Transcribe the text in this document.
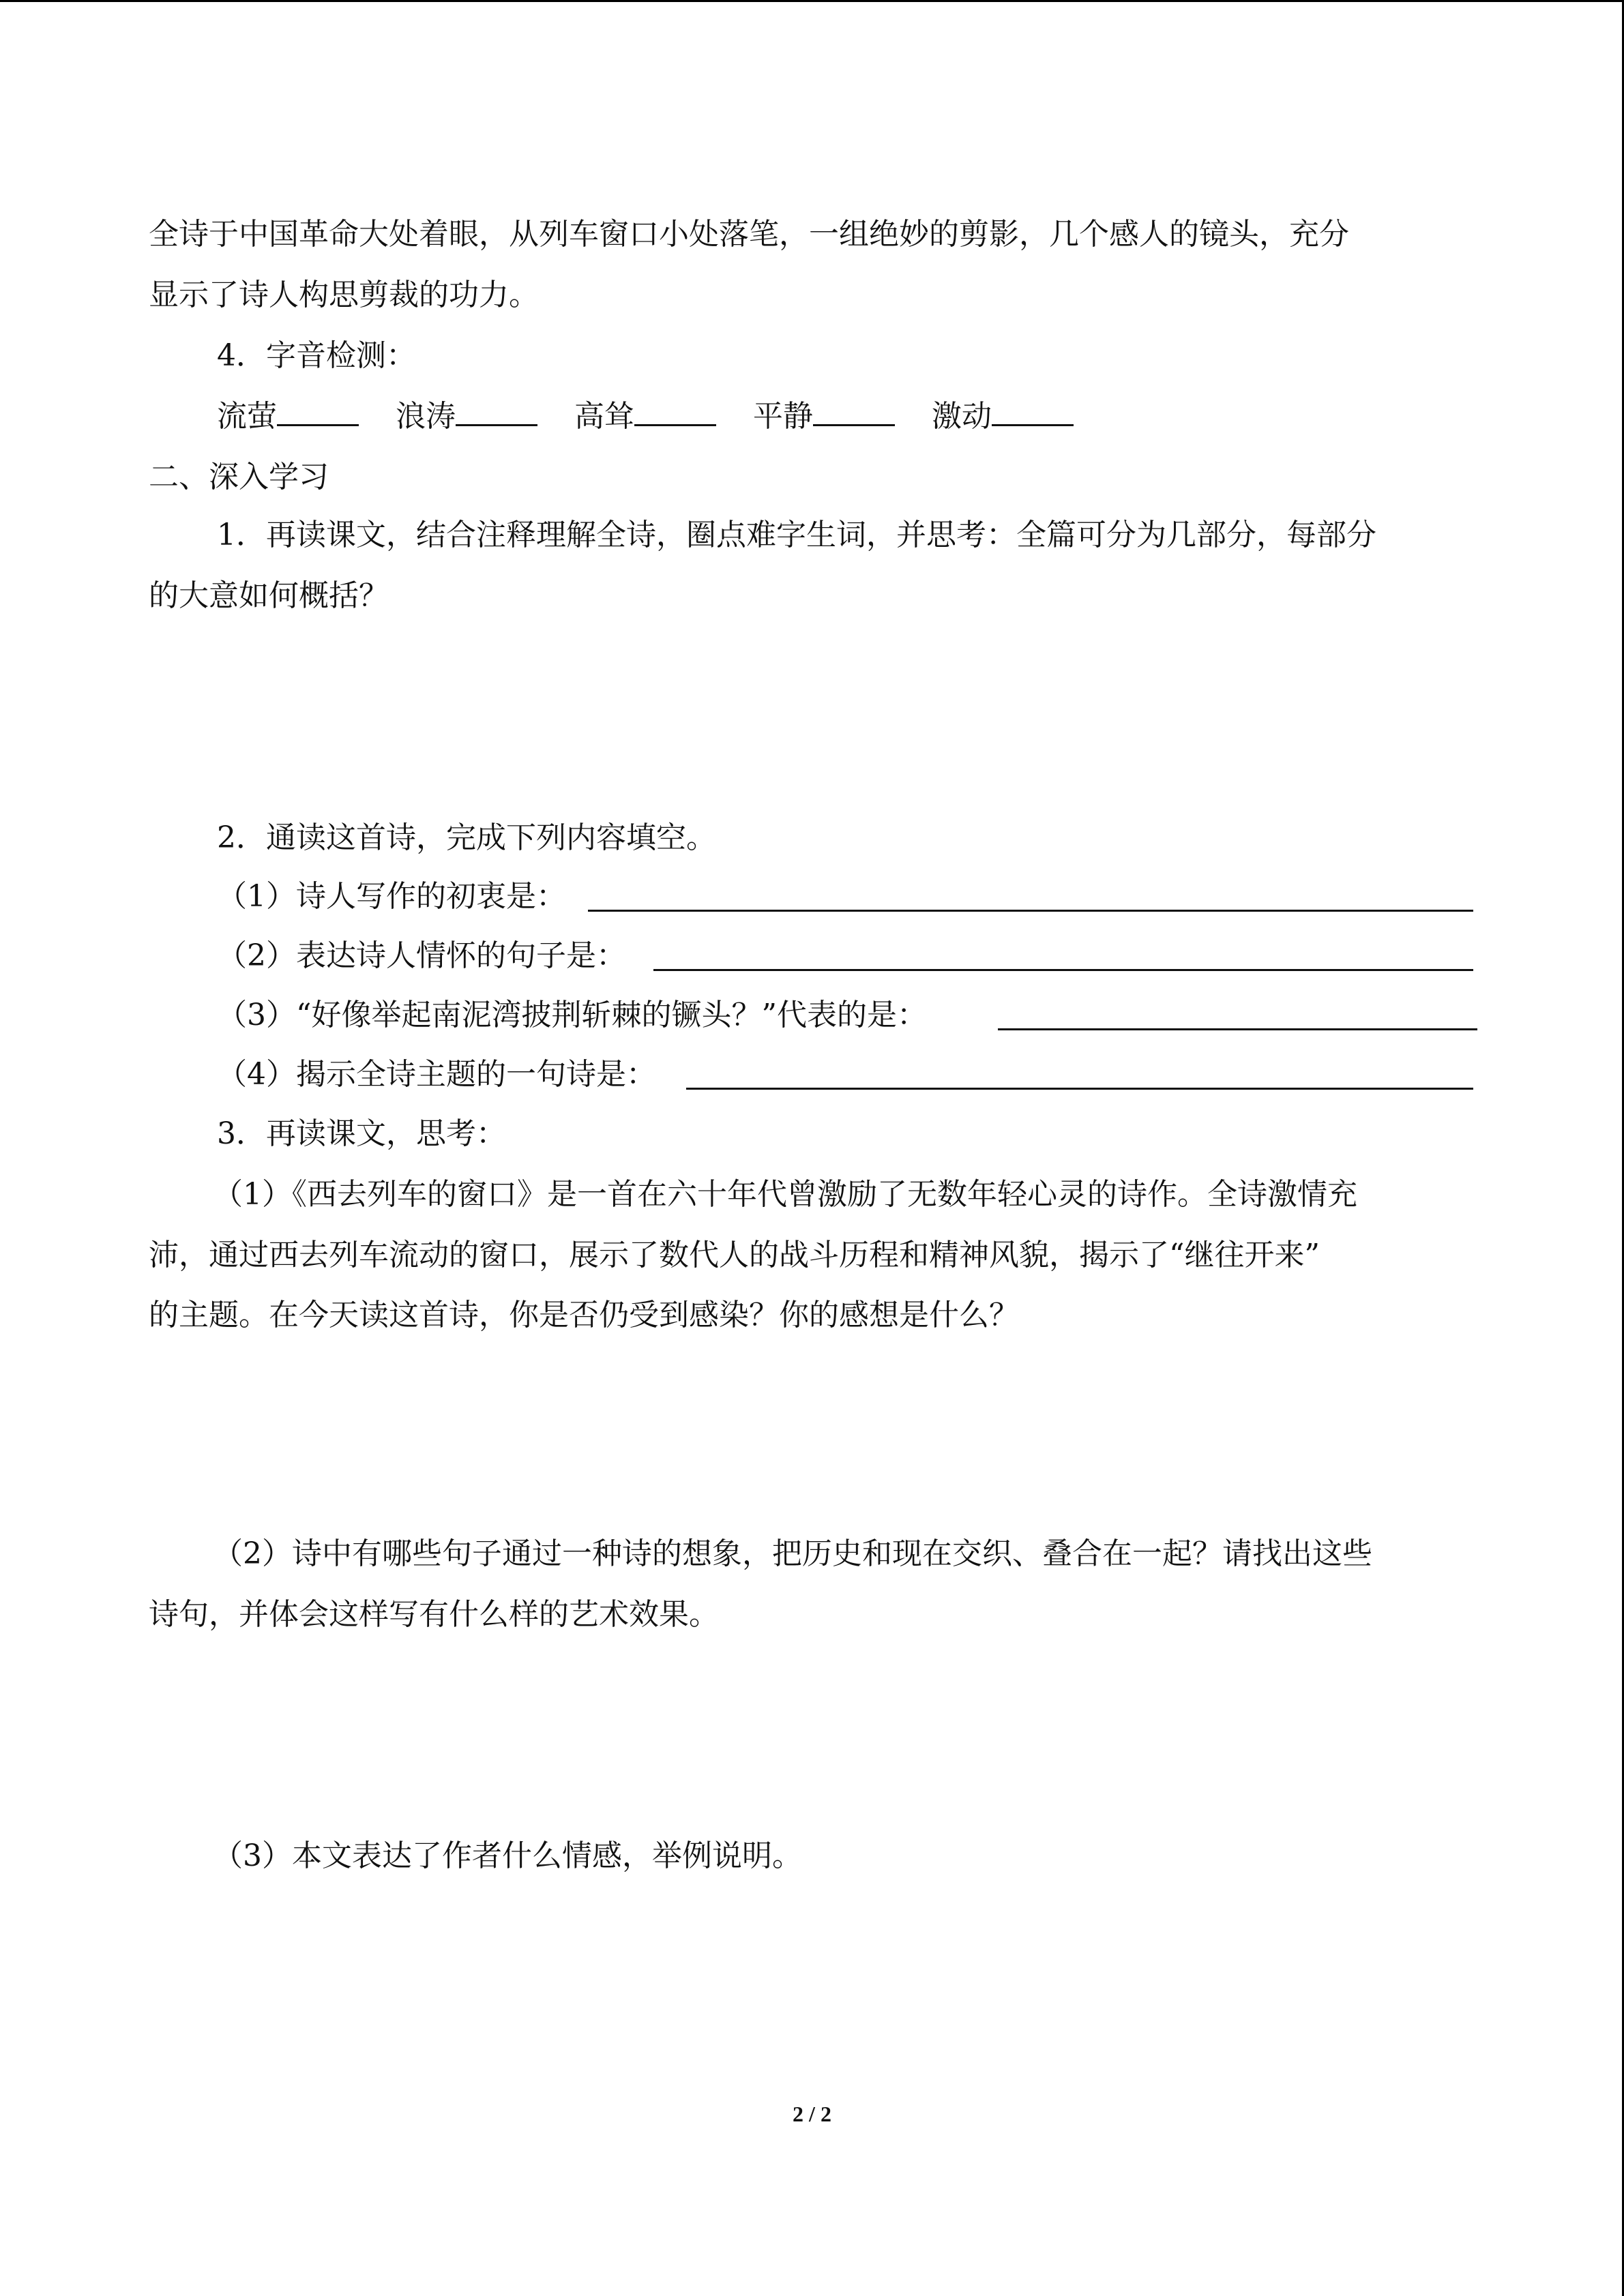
全诗于中国革命大处着眼，从列车窗口小处落笔，一组绝妙的剪影，几个感人的镜头，充分

显示了诗人构思剪裁的功力。

4．字音检测：

流萤	浪涛	高耸	平静	激动

二、深入学习

1．再读课文，结合注释理解全诗，圈点难字生词，并思考：全篇可分为几部分，每部分

的大意如何概括？

2．通读这首诗，完成下列内容填空。

（1）诗人写作的初衷是：
（2）表达诗人情怀的句子是：
（3）“好像举起南泥湾披荆斩棘的镢头？”代表的是：
（4）揭示全诗主题的一句诗是：

3．再读课文，思考：

（1）《西去列车的窗口》是一首在六十年代曾激励了无数年轻心灵的诗作。全诗激情充

沛，通过西去列车流动的窗口，展示了数代人的战斗历程和精神风貌，揭示了“继往开来”

的主题。在今天读这首诗，你是否仍受到感染？你的感想是什么？

（2）诗中有哪些句子通过一种诗的想象，把历史和现在交织、叠合在一起？请找出这些

诗句，并体会这样写有什么样的艺术效果。

（3）本文表达了作者什么情感，举例说明。

2 / 2
